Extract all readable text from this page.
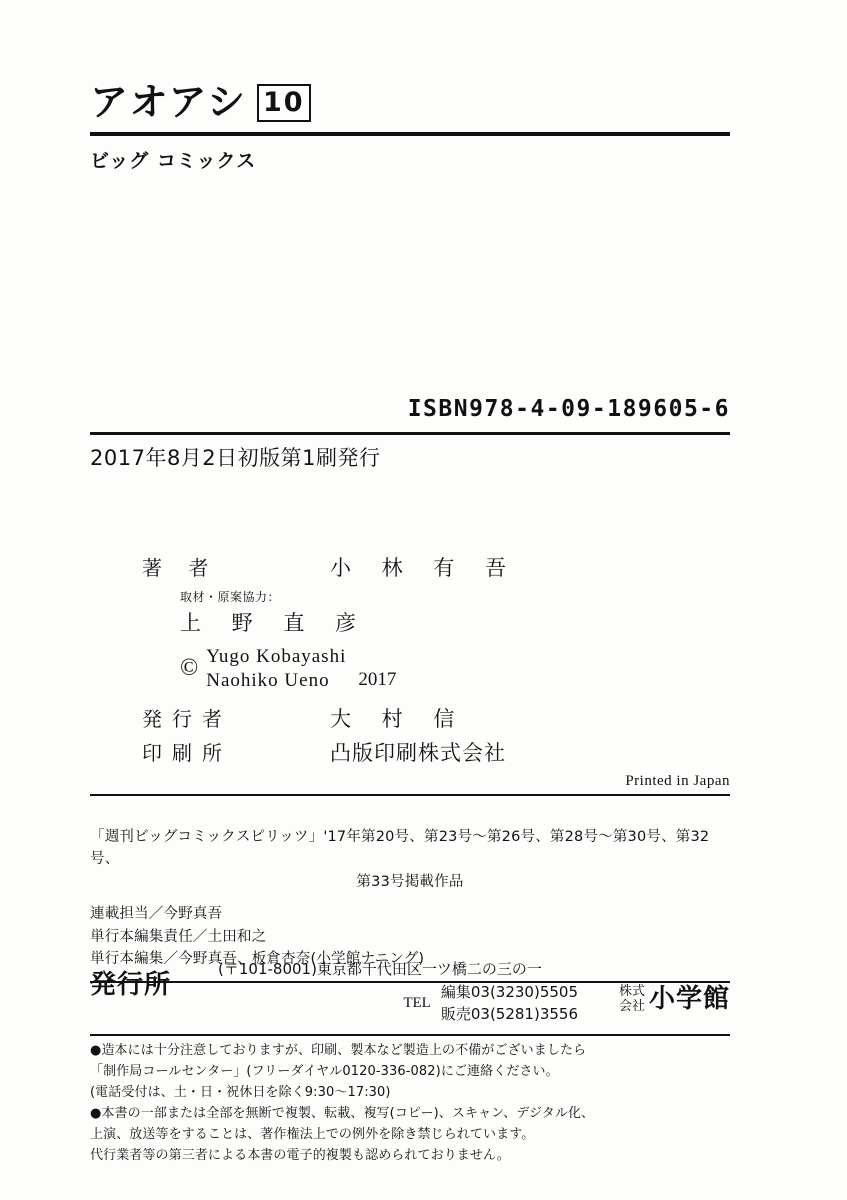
アオアシ 10
ビッグ コミックス
ISBN978-4-09-189605-6
2017年8月2日初版第1刷発行
著 者	小 林 有 吾
取材・原案協力：
上 野 直 彦
© Yugo Kobayashi
Naohiko Ueno	2017
発行者	大 村 信
印刷所	凸版印刷株式会社
Printed in Japan
「週刊ビッグコミックスピリッツ」'17年第20号、第23号〜第26号、第28号〜第30号、第32号、
第33号掲載作品
連載担当／今野真吾
単行本編集責任／土田和之
単行本編集／今野真吾、板倉杏奈(小学館ナニング)
発行所
(〒101-8001)東京都千代田区一ツ橋二の三の一
TEL
編集03(3230)5505
販売03(5281)3556
株式
会社 小学館
●造本には十分注意しておりますが、印刷、製本など製造上の不備がございましたら
「制作局コールセンター」(フリーダイヤル0120-336-082)にご連絡ください。
(電話受付は、土・日・祝休日を除く9:30〜17:30)
●本書の一部または全部を無断で複製、転載、複写(コピー)、スキャン、デジタル化、
上演、放送等をすることは、著作権法上での例外を除き禁じられています。
代行業者等の第三者による本書の電子的複製も認められておりません。
